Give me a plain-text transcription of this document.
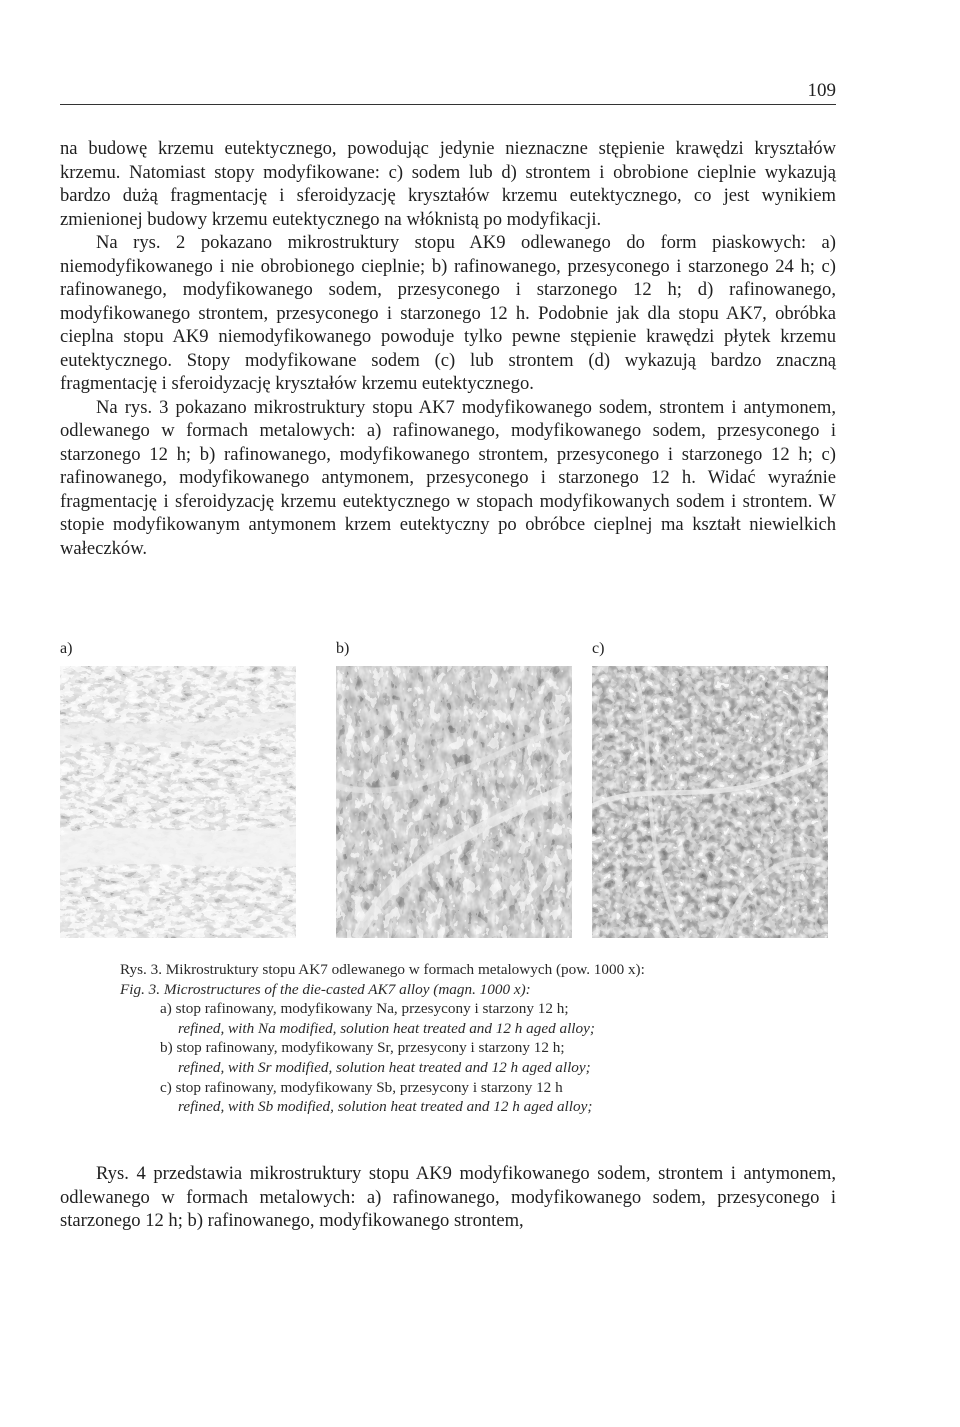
109

na budowę krzemu eutektycznego, powodując jedynie nieznaczne stępienie krawędzi kryształów krzemu. Natomiast stopy modyfikowane: c) sodem lub d) strontem i obrobione cieplnie wykazują bardzo dużą fragmentację i sferoidyzację kryształów krzemu eutektycznego, co jest wynikiem zmienionej budowy krzemu eutektycznego na włóknistą po modyfikacji.

Na rys. 2 pokazano mikrostruktury stopu AK9 odlewanego do form piaskowych: a) niemodyfikowanego i nie obrobionego cieplnie; b) rafinowanego, przesyconego i starzonego 24 h; c) rafinowanego, modyfikowanego sodem, przesyconego i starzonego 12 h; d) rafinowanego, modyfikowanego strontem, przesyconego i starzonego 12 h. Podobnie jak dla stopu AK7, obróbka cieplna stopu AK9 niemodyfikowanego powoduje tylko pewne stępienie krawędzi płytek krzemu eutektycznego. Stopy modyfikowane sodem (c) lub strontem (d) wykazują bardzo znaczną fragmentację i sferoidyzację kryształów krzemu eutektycznego.

Na rys. 3 pokazano mikrostruktury stopu AK7 modyfikowanego sodem, strontem i antymonem, odlewanego w formach metalowych: a) rafinowanego, modyfikowanego sodem, przesyconego i starzonego 12 h; b) rafinowanego, modyfikowanego strontem, przesyconego i starzonego 12 h; c) rafinowanego, modyfikowanego antymonem, przesyconego i starzonego 12 h. Widać wyraźnie fragmentację i sferoidyzację krzemu eutektycznego w stopach modyfikowanych sodem i strontem. W stopie modyfikowanym antymonem krzem eutektyczny po obróbce cieplnej ma kształt niewielkich wałeczków.

a)	b)	c)
Rys. 3. Mikrostruktury stopu AK7 odlewanego w formach metalowych (pow. 1000 x):
Fig. 3. Microstructures of the die-casted AK7 alloy (magn. 1000 x):
a) stop rafinowany, modyfikowany Na, przesycony i starzony 12 h;
refined, with Na modified, solution heat treated and 12 h aged alloy;
b) stop rafinowany, modyfikowany Sr, przesycony i starzony 12 h;
refined, with Sr modified, solution heat treated and 12 h aged alloy;
c) stop rafinowany, modyfikowany Sb, przesycony i starzony 12 h
refined, with Sb modified, solution heat treated and 12 h aged alloy;

Rys. 4 przedstawia mikrostruktury stopu AK9 modyfikowanego sodem, strontem i antymonem, odlewanego w formach metalowych: a) rafinowanego, modyfikowanego sodem, przesyconego i starzonego 12 h; b) rafinowanego, modyfikowanego strontem,
